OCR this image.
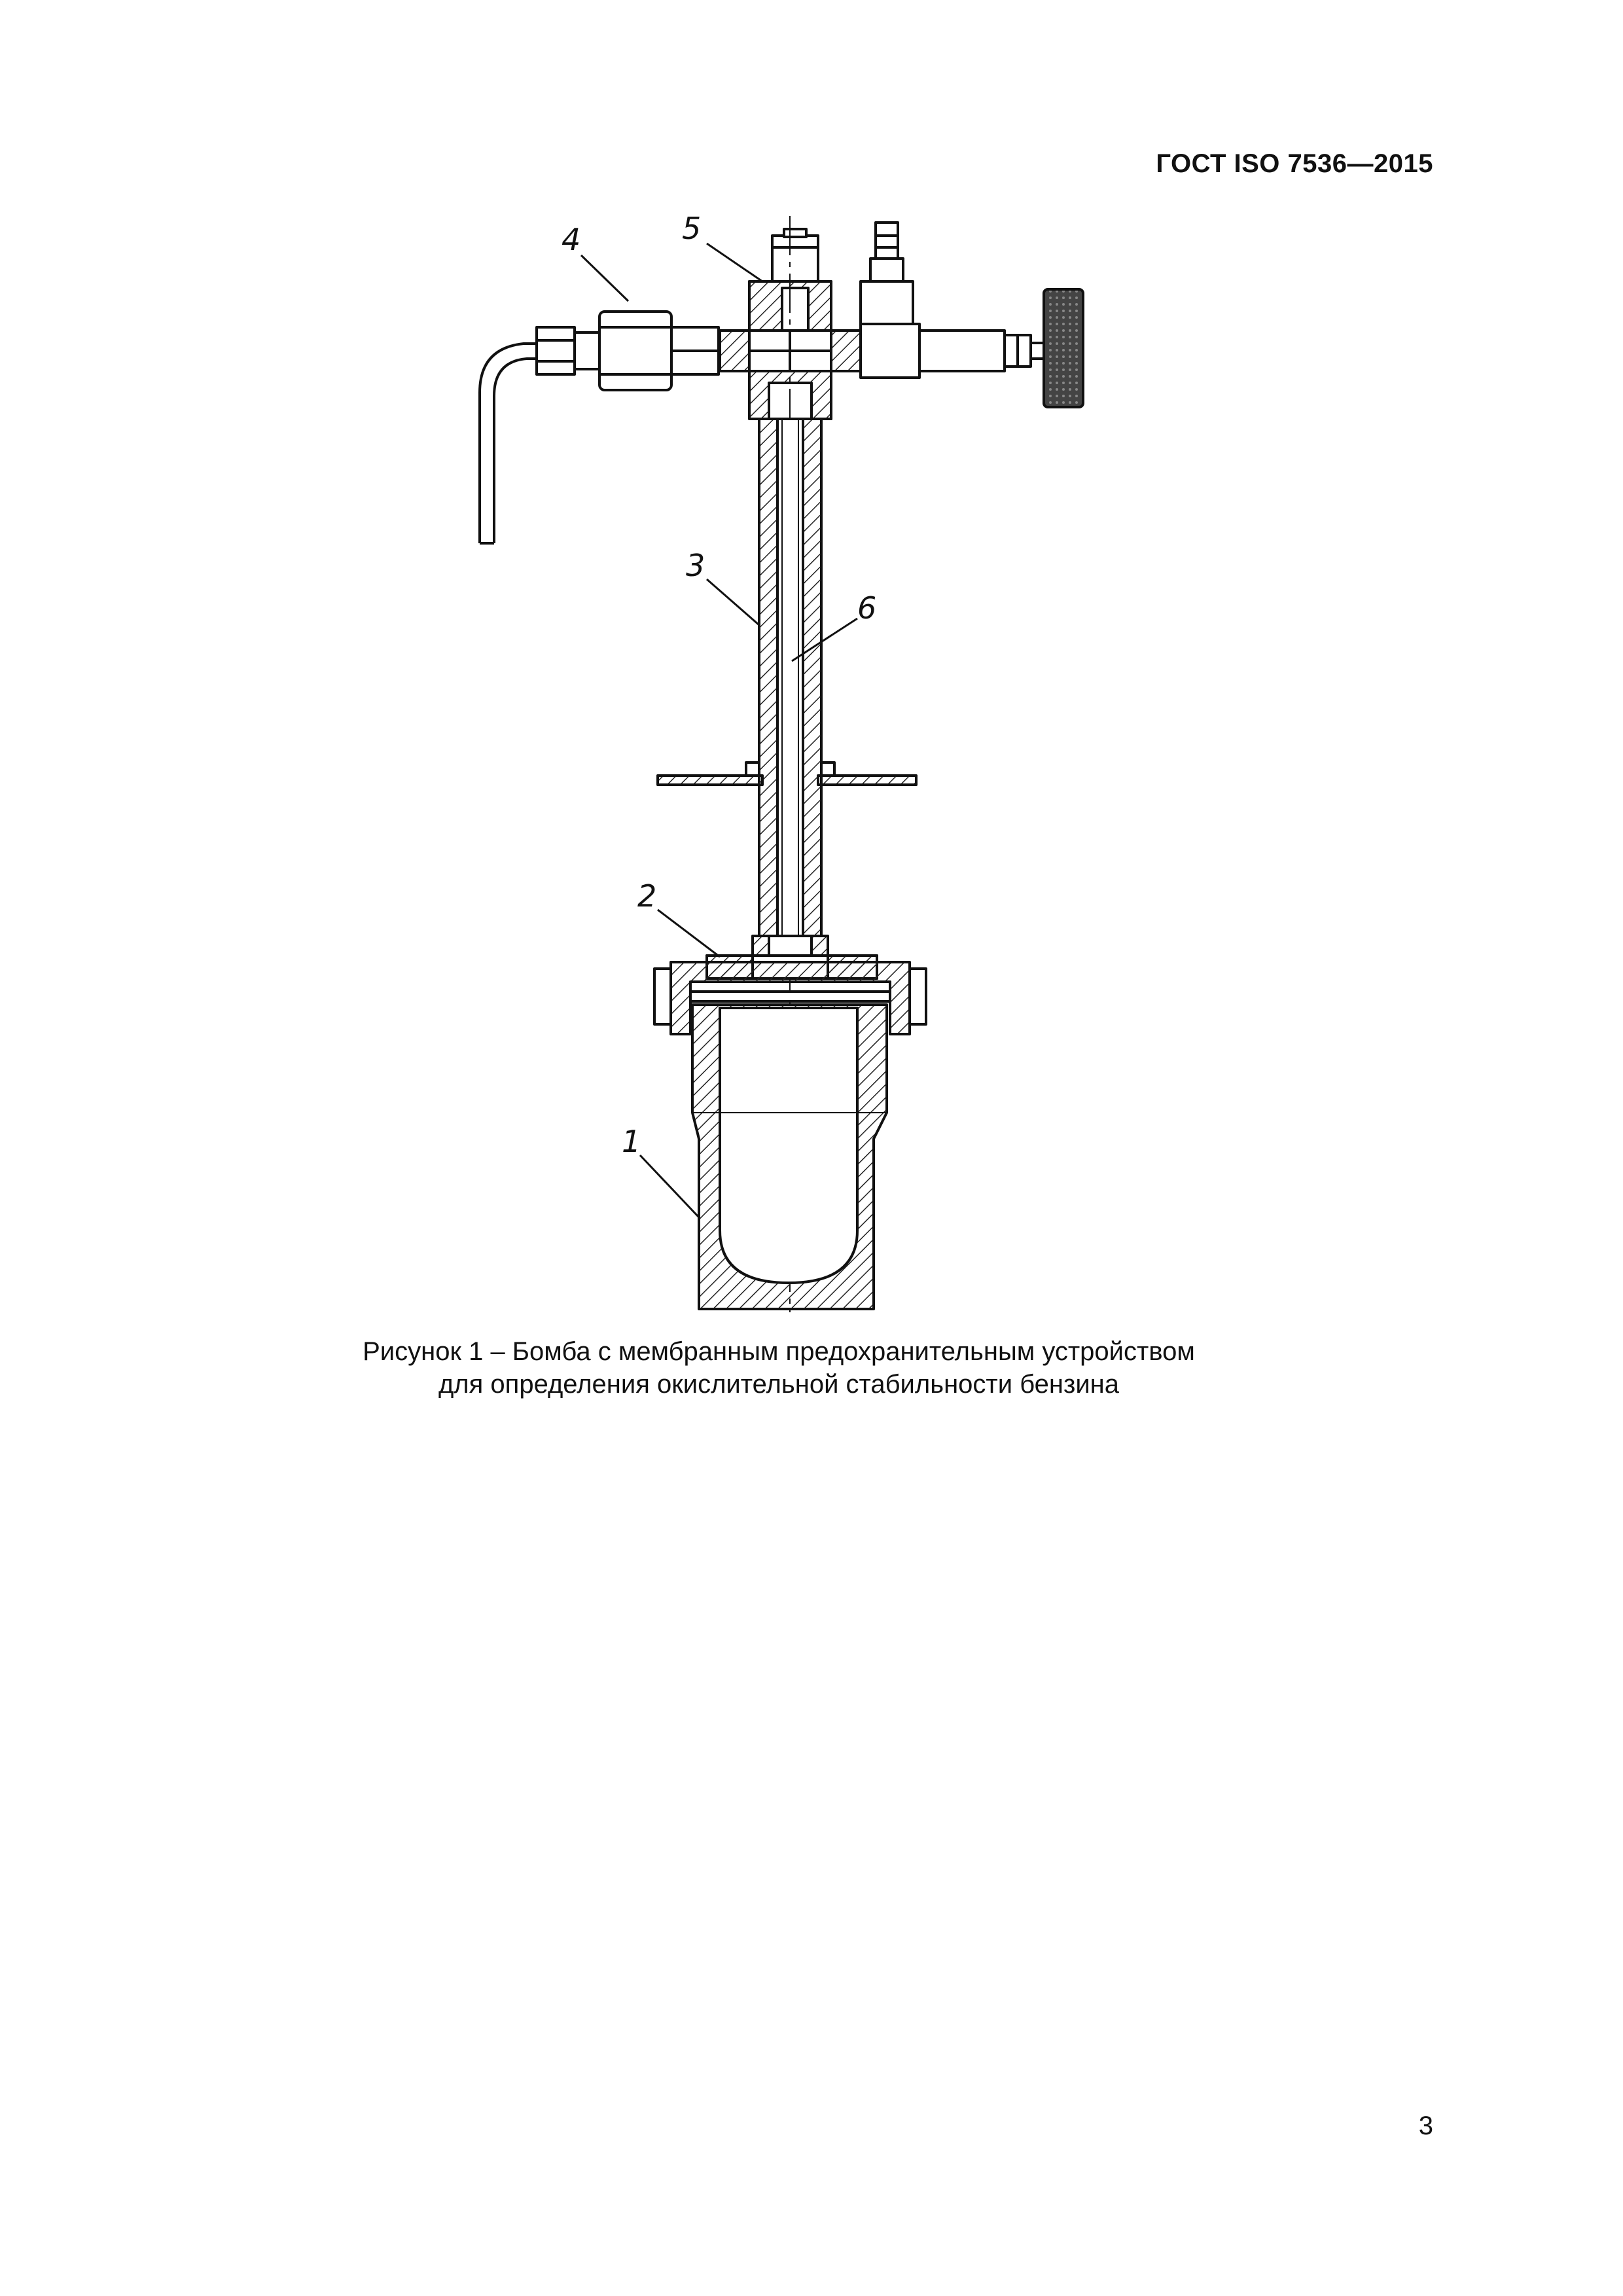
ГОСТ ISO 7536—2015
4	5
3
6
2
1
Рисунок 1 – Бомба с мембранным предохранительным устройством
для определения окислительной стабильности бензина
3
